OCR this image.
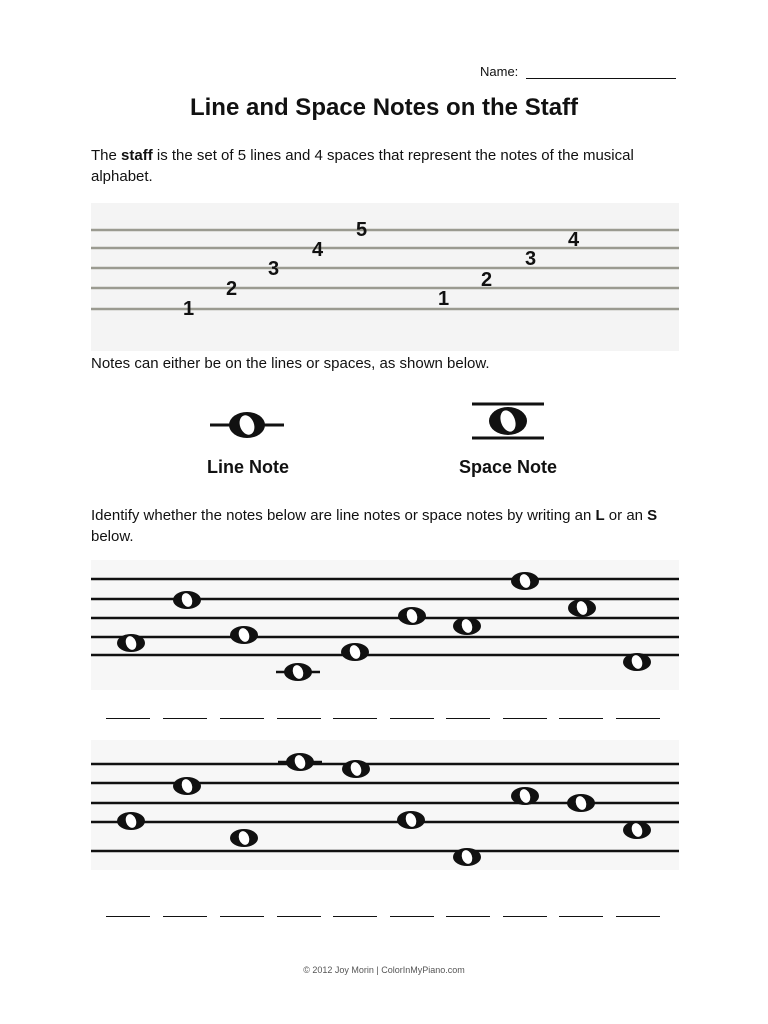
Name:
Line and Space Notes on the Staff
The staff is the set of 5 lines and 4 spaces that represent the notes of the musical alphabet.
1
2
3
4
5
1
2
3
4
Notes can either be on the lines or spaces, as shown below.
Line Note	Space Note
Identify whether the notes below are line notes or space notes by writing an L or an S below.
© 2012 Joy Morin | ColorInMyPiano.com
